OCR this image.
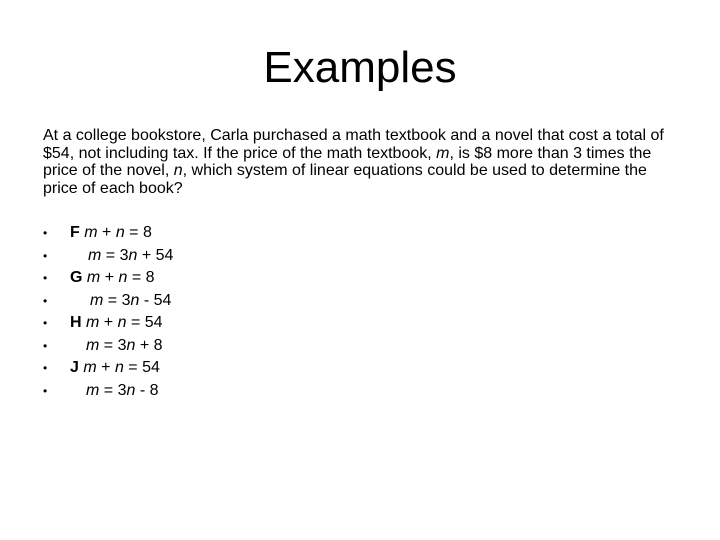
Examples
At a college bookstore, Carla purchased a math textbook and a novel that cost a total of $54, not including tax. If the price of the math textbook, m, is $8 more than 3 times the price of the novel, n, which system of linear equations could be used to determine the price of each book?
•	F m + n = 8
•	m = 3n + 54
•	G m + n = 8
•	m = 3n - 54
•	H m + n = 54
•	m = 3n + 8
•	J m + n = 54
•	m = 3n - 8
